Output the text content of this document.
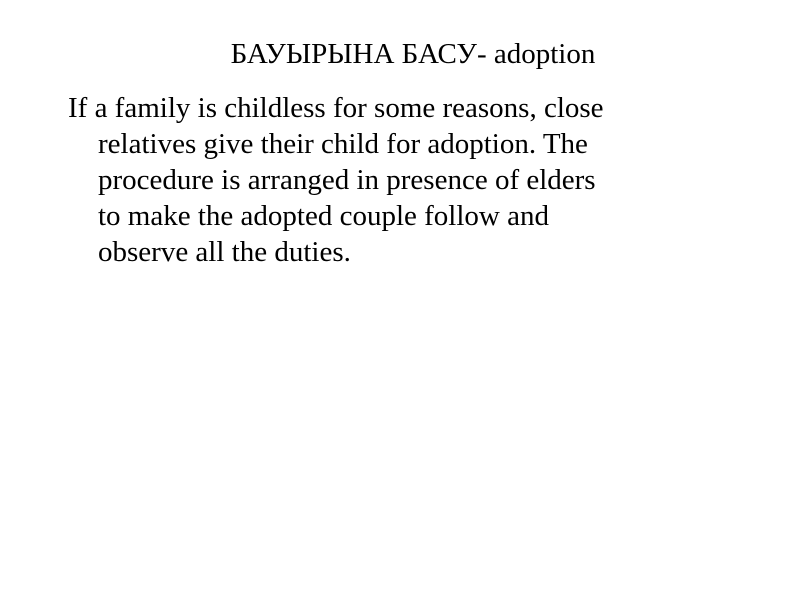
БАУЫРЫНА БАСУ- adoption
If a family is childless for some reasons, close
relatives give their child for adoption. The
procedure is arranged in presence of elders
to make the adopted couple follow and
observe all the duties.
